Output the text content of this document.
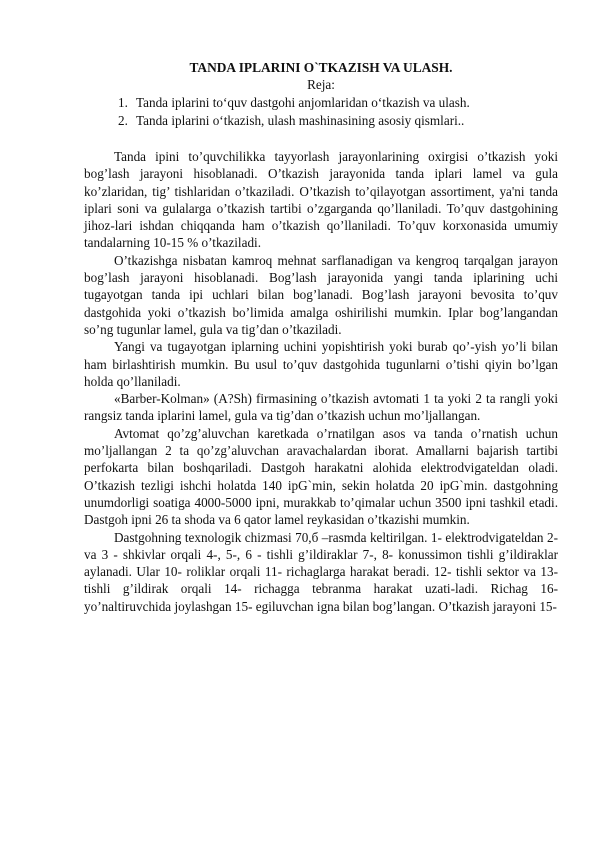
TANDA IPLARINI O`TKAZISH VA ULASH.
Reja:
1. Tanda iplarini to‘quv dastgohi anjomlaridan o‘tkazish va ulash.
2. Tanda iplarini o‘tkazish, ulash mashinasining asosiy qismlari..

Tanda ipini to’quvchilikka tayyorlash jarayonlarining oxirgisi o’tkazish yoki bog’lash jarayoni hisoblanadi. O’tkazish jarayonida tanda iplari lamel va gula ko’zlaridan, tig’ tishlaridan o’tkaziladi. O’tkazish to’qilayotgan assortiment, ya'ni tanda iplari soni va gulalarga o’tkazish tartibi o’zgarganda qo’llaniladi. To’quv dastgohining jihoz-lari ishdan chiqqanda ham o’tkazish qo’llaniladi. To’quv korxonasida umumiy tandalarning 10-15 % o’tkaziladi.

O’tkazishga nisbatan kamroq mehnat sarflanadigan va kengroq tarqalgan jarayon bog’lash jarayoni hisoblanadi. Bog’lash jarayonida yangi tanda iplarining uchi tugayotgan tanda ipi uchlari bilan bog’lanadi. Bog’lash jarayoni bevosita to’quv dastgohida yoki o’tkazish bo’limida amalga oshirilishi mumkin. Iplar bog’langandan so’ng tugunlar lamel, gula va tig’dan o’tkaziladi.

Yangi va tugayotgan iplarning uchini yopishtirish yoki burab qo’-yish yo’li bilan ham birlashtirish mumkin. Bu usul to’quv dastgohida tugunlarni o’tishi qiyin bo’lgan holda qo’llaniladi.

«Barber-Kolman» (A?Sh) firmasining o’tkazish avtomati 1 ta yoki 2 ta rangli yoki rangsiz tanda iplarini lamel, gula va tig’dan o’tkazish uchun mo’ljallangan.

Avtomat qo’zg’aluvchan karetkada o’rnatilgan asos va tanda o’rnatish uchun mo’ljallangan 2 ta qo’zg’aluvchan aravachalardan iborat. Amallarni bajarish tartibi perfokarta bilan boshqariladi. Dastgoh harakatni alohida elektrodvigateldan oladi. O’tkazish tezligi ishchi holatda 140 ipG`min, sekin holatda 20 ipG`min. dastgohning unumdorligi soatiga 4000-5000 ipni, murakkab to’qimalar uchun 3500 ipni tashkil etadi. Dastgoh ipni 26 ta shoda va 6 qator lamel reykasidan o’tkazishi mumkin.

Dastgohning texnologik chizmasi 70,б –rasmda keltirilgan. 1- elektrodvigateldan 2- va 3 - shkivlar orqali 4-, 5-, 6 - tishli g’ildiraklar 7-, 8- konussimon tishli g’ildiraklar aylanadi. Ular 10- roliklar orqali 11- richaglarga harakat beradi. 12- tishli sektor va 13- tishli g’ildirak orqali 14- richagga tebranma harakat uzati-ladi. Richag 16- yo’naltiruvchida joylashgan 15- egiluvchan igna bilan bog’langan. O’tkazish jarayoni 15-
